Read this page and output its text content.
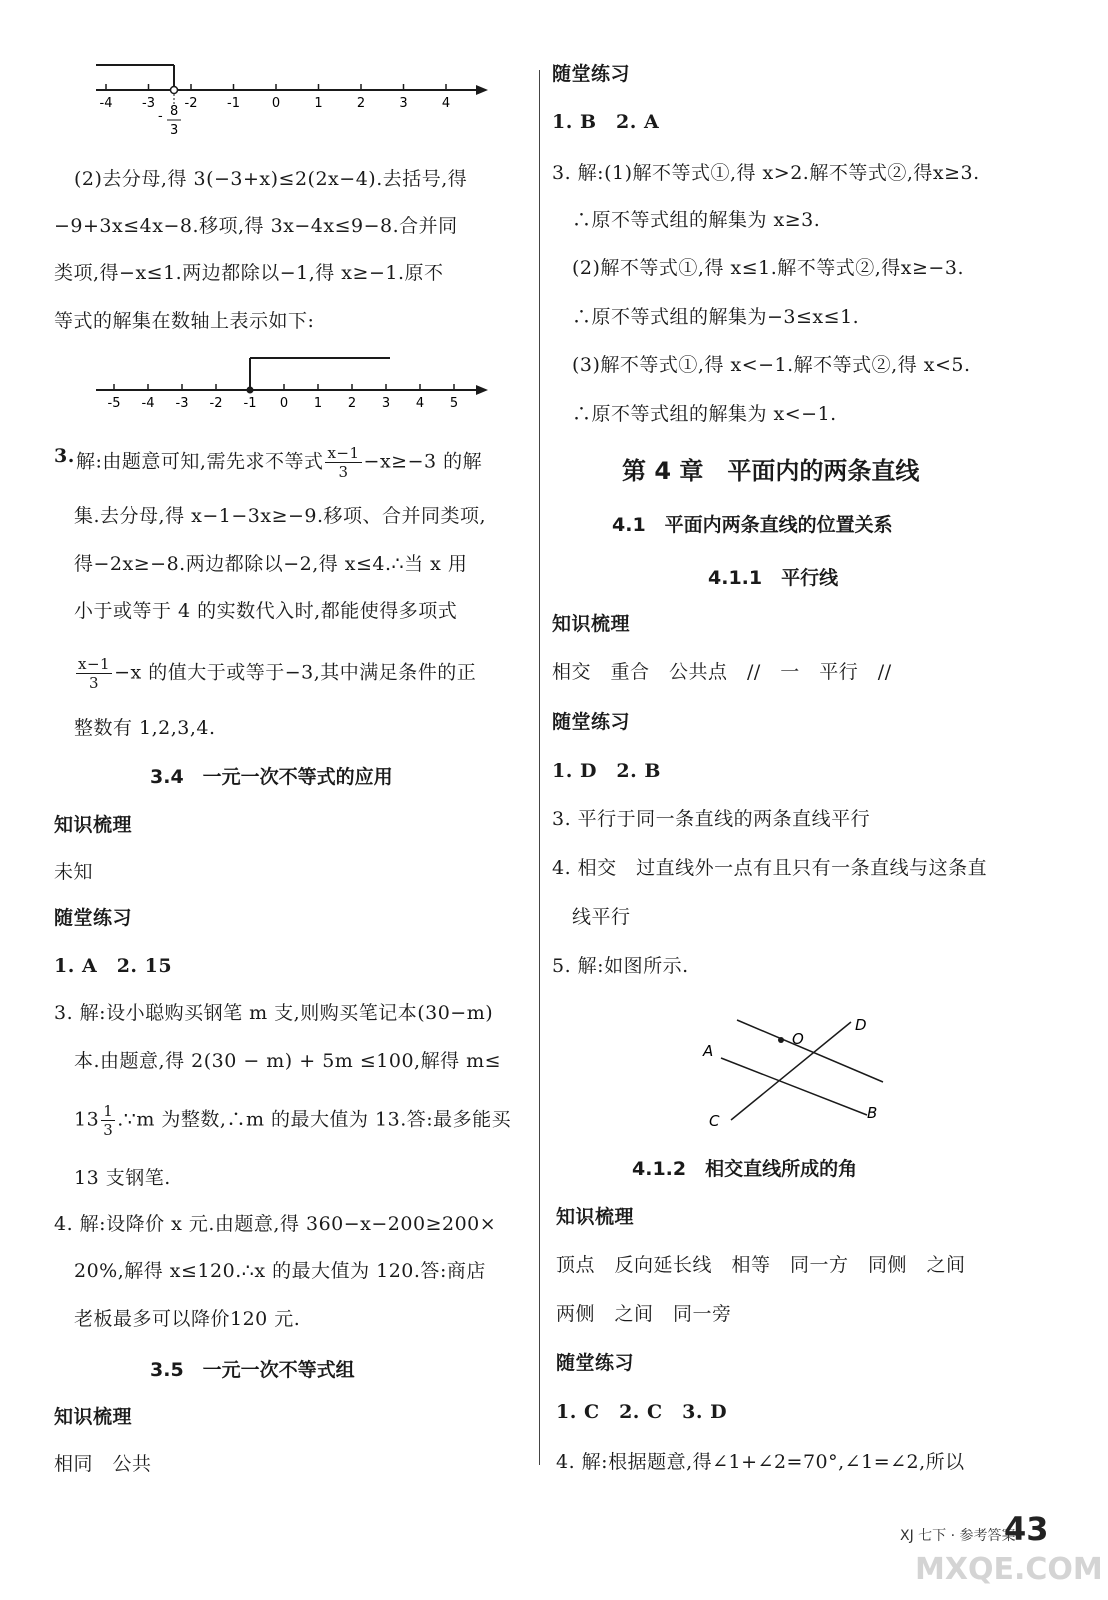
-4 -3 -2 -1 0	1	2	3	4
- 8
3
(2)去分母,得 3(−3+x)≤2(2x−4).去括号,得
−9+3x≤4x−8.移项,得 3x−4x≤9−8.合并同
类项,得−x≤1.两边都除以−1,得 x≥−1.原不
等式的解集在数轴上表示如下:
-5 -4 -3 -2 -1 0 1 2 3 4 5
3. 解:由题意可知,需先求不等式 $\frac{x-1}{3} -x\ge-3$ 的解
集.去分母,得 x−1−3x≥−9.移项、合并同类项,
得−2x≥−8.两边都除以−2,得 x≤4.∴当 x 用
小于或等于 4 的实数代入时,都能使得多项式
$\frac{x-1}{3} -x$ 的值大于或等于−3,其中满足条件的正
整数有 1,2,3,4.
3.4　一元一次不等式的应用
知识梳理
未知
随堂练习
1. A　2. 15
3. 解:设小聪购买钢笔 m 支,则购买笔记本(30−m)
本.由题意,得 2(30 − m) + 5m ≤100,解得 m≤
$13 \frac{1}{3}$ .∵m 为整数,∴m 的最大值为 13.答:最多能买
13 支钢笔.
4. 解:设降价 x 元.由题意,得 360−x−200≥200×
20%,解得 x≤120.∴x 的最大值为 120.答:商店
老板最多可以降价120 元.
3.5　一元一次不等式组
知识梳理
相同　公共
随堂练习
1. B　2. A
3. 解:(1)解不等式①,得 x>2.解不等式②,得x≥3.
∴原不等式组的解集为 x≥3.
(2)解不等式①,得 x≤1.解不等式②,得x≥−3.
∴原不等式组的解集为−3≤x≤1.
(3)解不等式①,得 x<−1.解不等式②,得 x<5.
∴原不等式组的解集为 x<−1.
第 4 章　平面内的两条直线
4.1　平面内两条直线的位置关系
4.1.1　平行线
知识梳理
相交　重合　公共点　//　一　平行　//
随堂练习
1. D　2. B
3. 平行于同一条直线的两条直线平行
4. 相交　过直线外一点有且只有一条直线与这条直
线平行
5. 解:如图所示.
A
B
C
D
O
4.1.2　相交直线所成的角
知识梳理
顶点　反向延长线　相等　同一方　同侧　之间
两侧　之间　同一旁
随堂练习
1. C　2. C　3. D
4. 解:根据题意,得∠1+∠2=70°,∠1=∠2,所以
XJ 七下 · 参考答案
43
MXQE.COM
